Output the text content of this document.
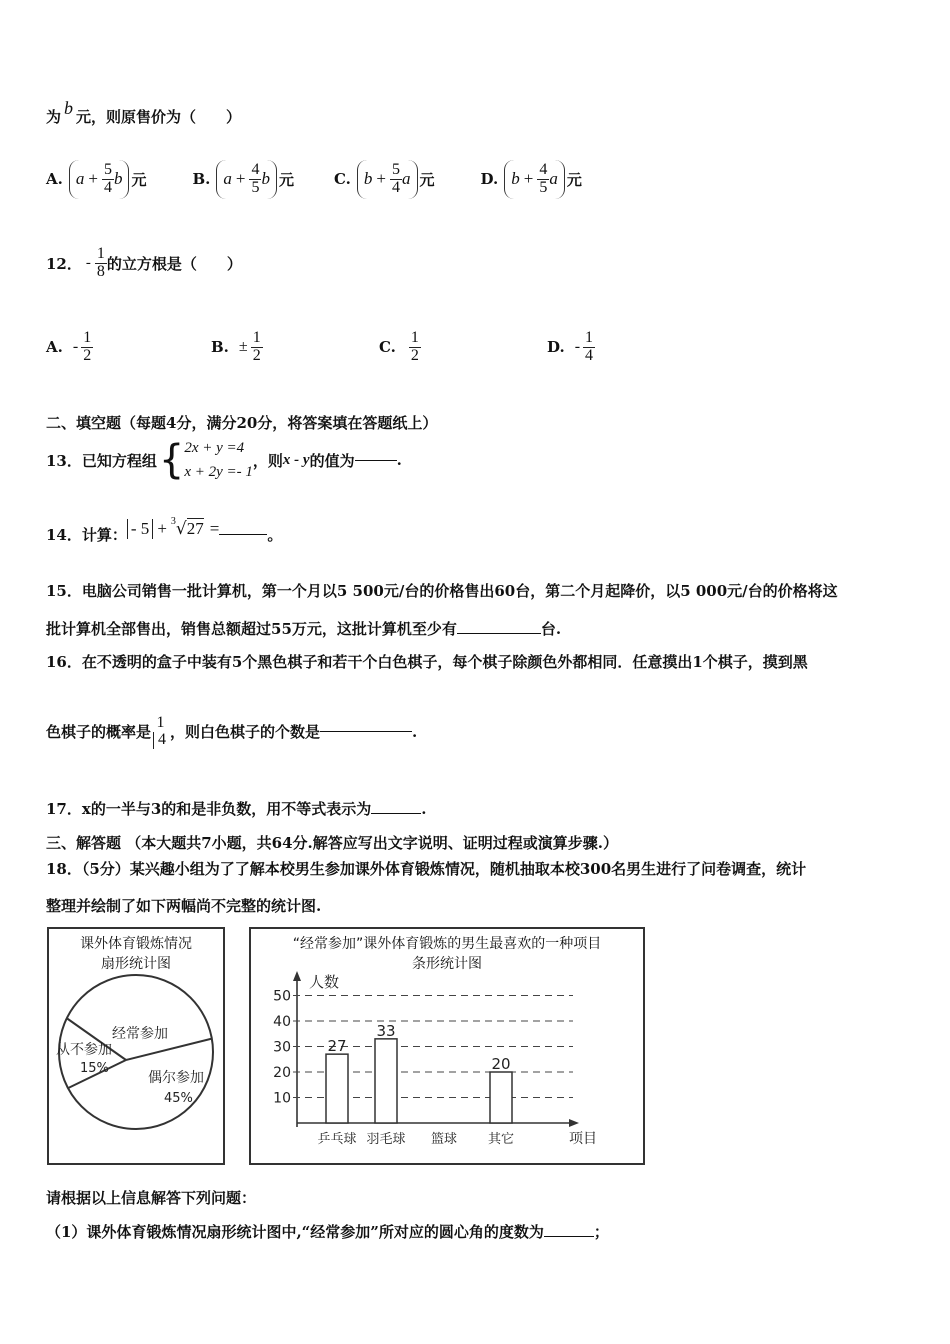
为 b 元，则原售价为（　　）
A. $a + \frac{5}{4}$ b 元	B. $a + \frac{4}{5}$ b 元	C. $b + \frac{5}{4}$ a 元	D. $b + \frac{4}{5}$ a 元
12． - $\frac{1}{8}$ 的立方根是（　　）
A. - $\frac{1}{2}$	B. ± $\frac{1}{2}$	C. $\frac{1}{2}$	D. - $\frac{1}{4}$
二、填空题（每题4分，满分20分，将答案填在答题纸上）
13． 已知方程组 { 2x + y =4
x + 2y =- 1
，则 x - y 的值为	.
14． 计算： - 5 + 3 √ 27 =	。
15．电脑公司销售一批计算机，第一个月以5 500元/台的价格售出60台，第二个月起降价，以5 000元/台的价格将这
批计算机全部售出，销售总额超过55万元，这批计算机至少有	台.
16．在不透明的盒子中装有5个黑色棋子和若干个白色棋子，每个棋子除颜色外都相同．任意摸出1个棋子，摸到黑
色棋子的概率是
1
4 ，则白色棋子的个数是	.
17．x的一半与3的和是非负数，用不等式表示为	.
三、解答题 （本大题共7小题，共64分.解答应写出文字说明、证明过程或演算步骤.）
18．（5分）某兴趣小组为了了解本校男生参加课外体育锻炼情况，随机抽取本校300名男生进行了问卷调查，统计
整理并绘制了如下两幅尚不完整的统计图.
课外体育锻炼情况
扇形统计图
经常参加
从不参加
15%
偶尔参加
45%
“经常参加”课外体育锻炼的男生最喜欢的一种项目
条形统计图
人数
项目
10
20
30
40
50
27
乒乓球
33
羽毛球 篮球
20
其它
请根据以上信息解答下列问题：
（1）课外体育锻炼情况扇形统计图中,“经常参加”所对应的圆心角的度数为	；
